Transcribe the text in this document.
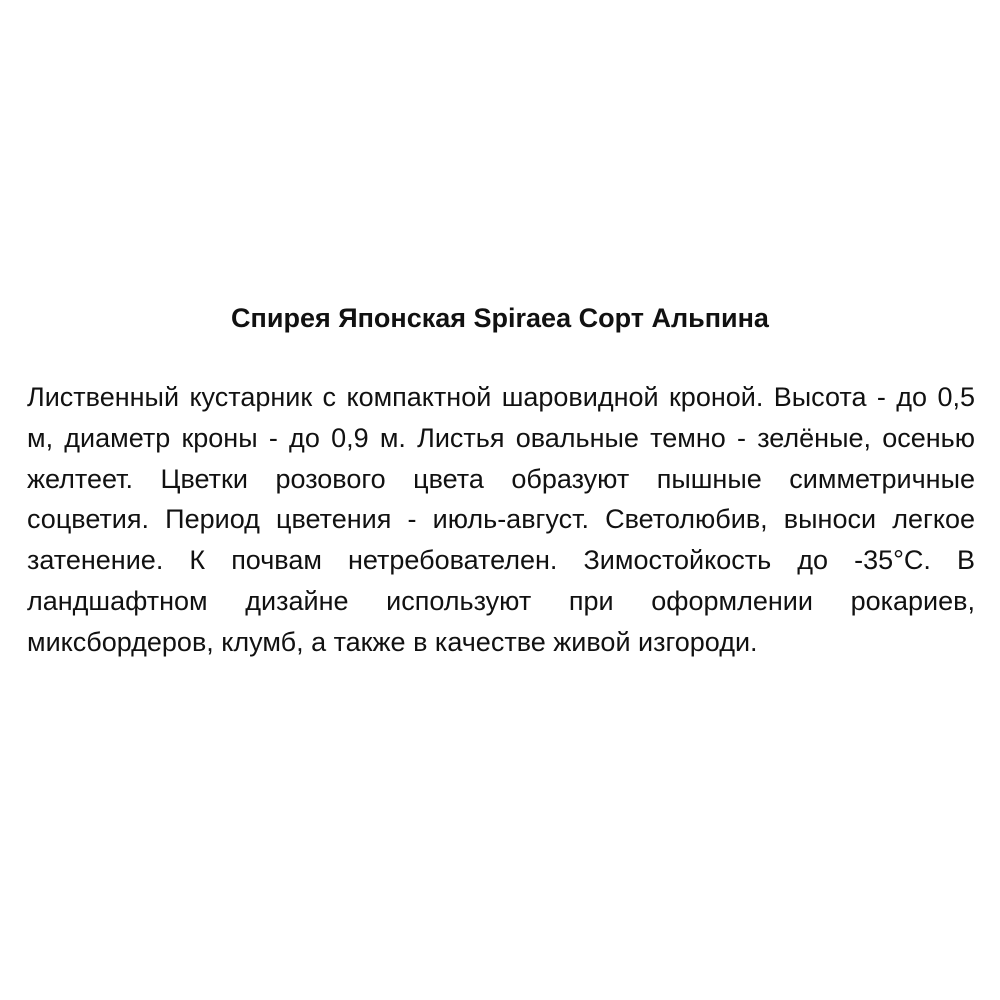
Спирея Японская Spiraea Сорт Альпина

Лиственный кустарник с компактной шаровидной кроной. Высота - до 0,5 м, диаметр кроны - до 0,9 м. Листья овальные темно - зелёные, осенью желтеет. Цветки розового цвета образуют пышные симметричные соцветия. Период цветения - июль-август. Светолюбив, выноси легкое затенение. К почвам нетребователен. Зимостойкость до -35°С. В ландшафтном дизайне используют при оформлении рокариев, миксбордеров, клумб, а также в качестве живой изгороди.
